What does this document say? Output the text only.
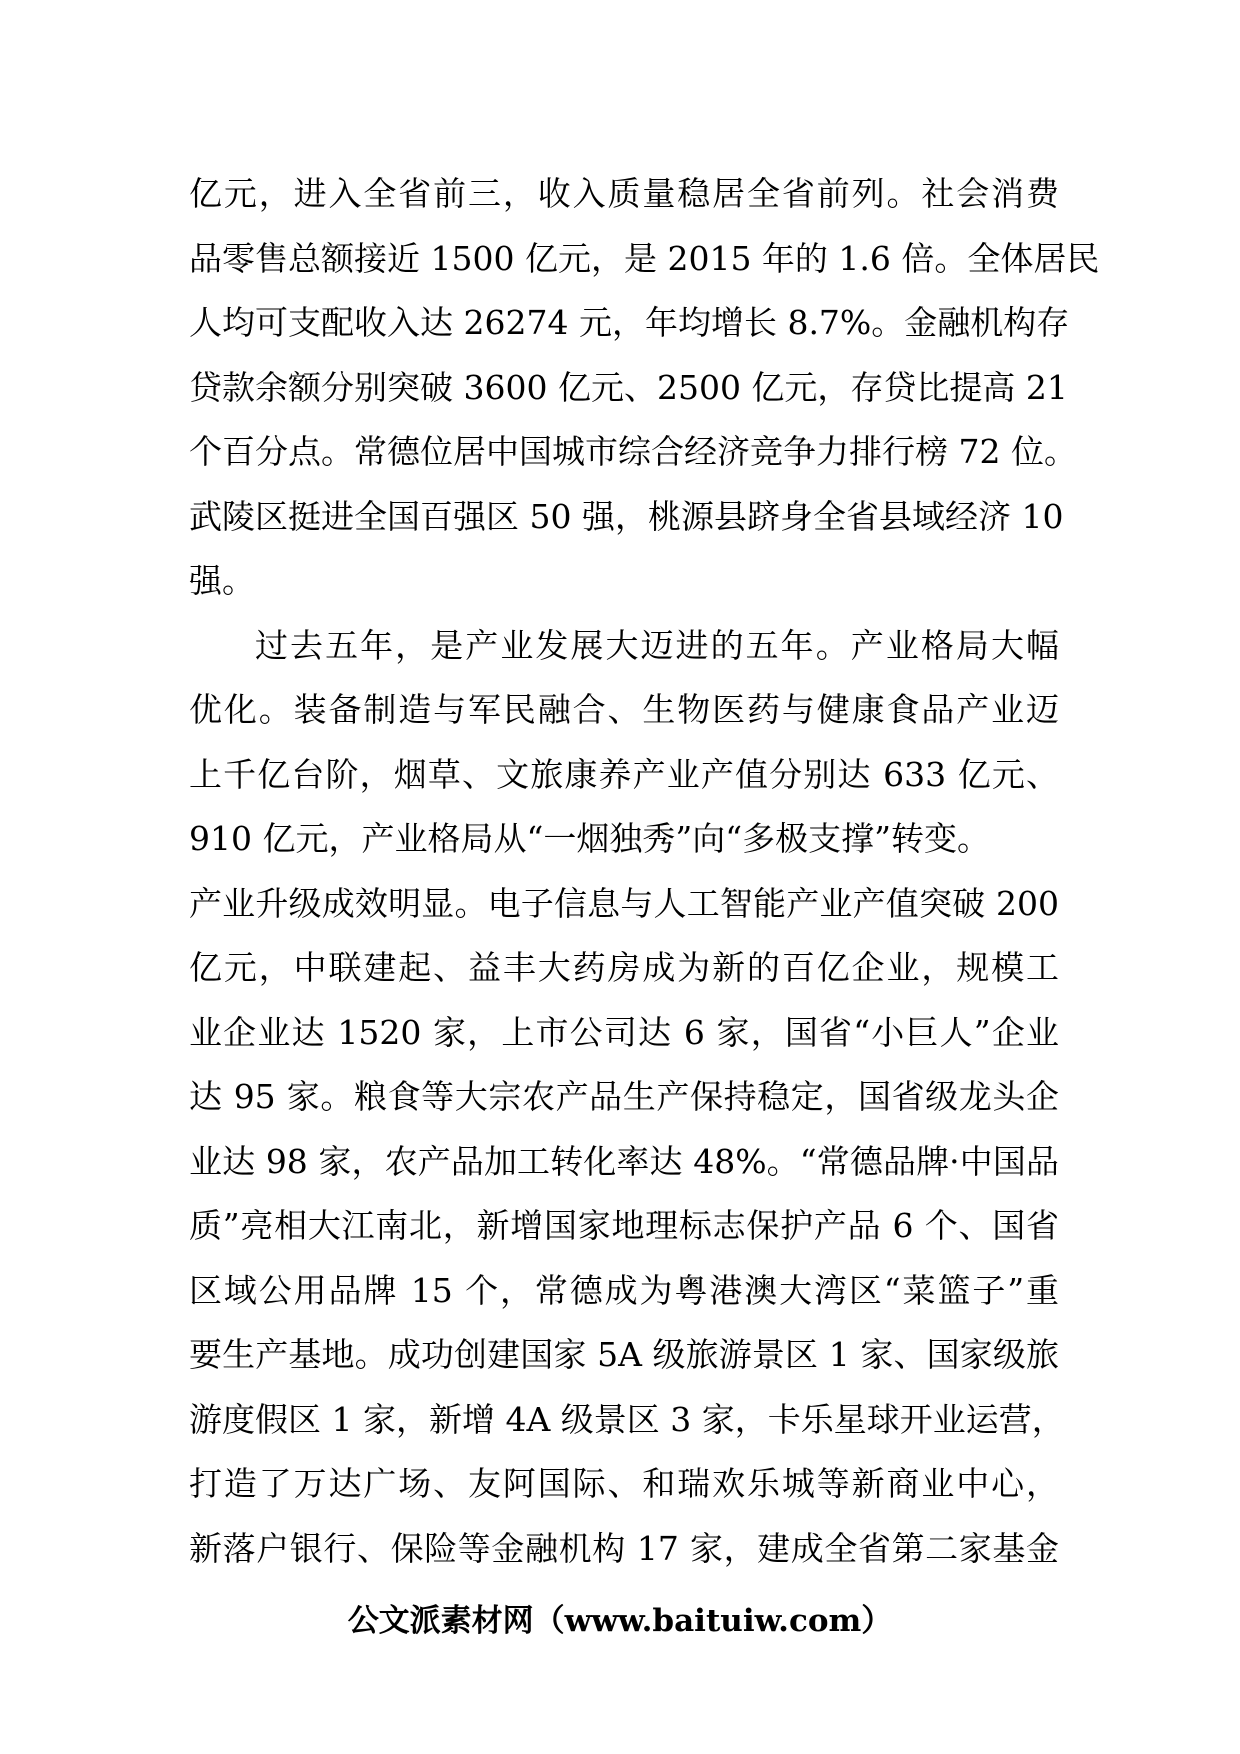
亿元，进入全省前三，收入质量稳居全省前列。社会消费
品零售总额接近 1500 亿元，是 2015 年的 1.6 倍。全体居民
人均可支配收入达 26274 元，年均增长 8.7%。金融机构存
贷款余额分别突破 3600 亿元、2500 亿元，存贷比提高 21
个百分点。常德位居中国城市综合经济竞争力排行榜 72 位。
武陵区挺进全国百强区 50 强，桃源县跻身全省县域经济 10
强。
过去五年，是产业发展大迈进的五年。产业格局大幅
优化。装备制造与军民融合、生物医药与健康食品产业迈
上千亿台阶，烟草、文旅康养产业产值分别达 633 亿元、
910 亿元，产业格局从“一烟独秀”向“多极支撑”转变。
产业升级成效明显。电子信息与人工智能产业产值突破 200
亿元，中联建起、益丰大药房成为新的百亿企业，规模工
业企业达 1520 家，上市公司达 6 家，国省“小巨人”企业
达 95 家。粮食等大宗农产品生产保持稳定，国省级龙头企
业达 98 家，农产品加工转化率达 48%。“常德品牌·中国品
质”亮相大江南北，新增国家地理标志保护产品 6 个、国省
区域公用品牌 15 个，常德成为粤港澳大湾区“菜篮子”重
要生产基地。成功创建国家 5A 级旅游景区 1 家、国家级旅
游度假区 1 家，新增 4A 级景区 3 家，卡乐星球开业运营，
打造了万达广场、友阿国际、和瑞欢乐城等新商业中心，
新落户银行、保险等金融机构 17 家，建成全省第二家基金
公文派素材网（www.baituiw.com）
